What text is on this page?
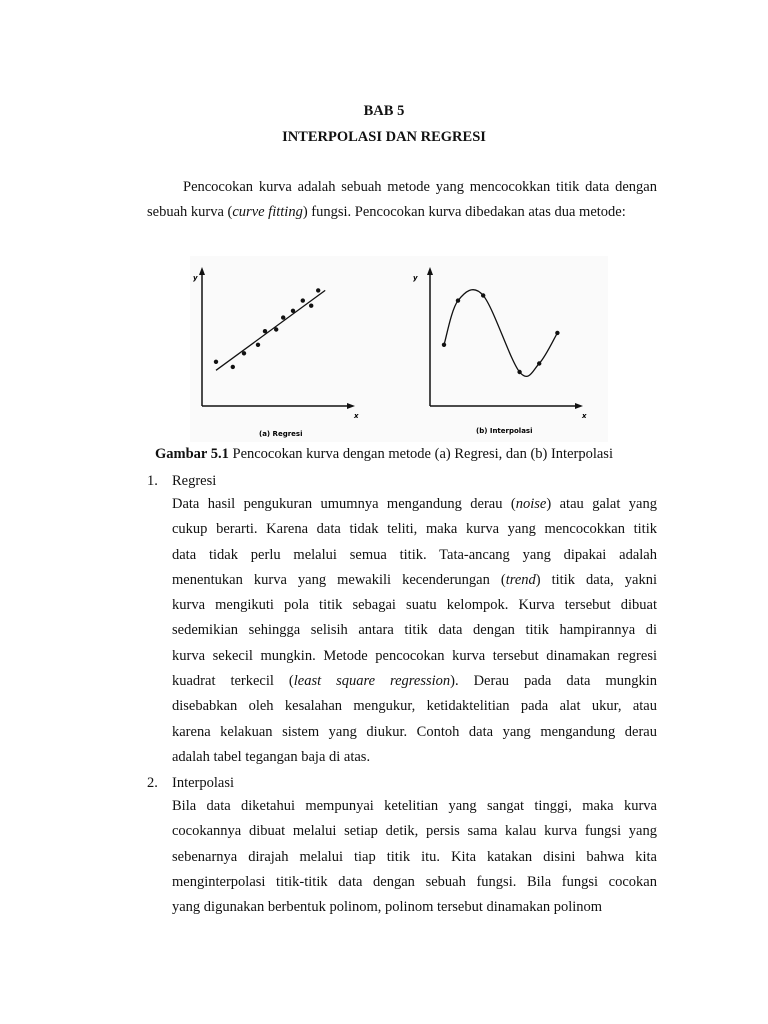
BAB 5
INTERPOLASI DAN REGRESI

Pencocokan kurva adalah sebuah metode yang mencocokkan titik data dengan sebuah kurva (curve fitting) fungsi. Pencocokan kurva dibedakan atas dua metode:

y
x
(a) Regresi
y
x
(b) Interpolasi
Gambar 5.1 Pencocokan kurva dengan metode (a) Regresi, dan (b) Interpolasi
1. Regresi
Data hasil pengukuran umumnya mengandung derau (noise) atau galat yang
cukup berarti. Karena data tidak teliti, maka kurva yang mencocokkan titik
data tidak perlu melalui semua titik. Tata-ancang yang dipakai adalah
menentukan kurva yang mewakili kecenderungan (trend) titik data, yakni
kurva mengikuti pola titik sebagai suatu kelompok. Kurva tersebut dibuat
sedemikian sehingga selisih antara titik data dengan titik hampirannya di
kurva sekecil mungkin. Metode pencocokan kurva tersebut dinamakan regresi
kuadrat terkecil (least square regression). Derau pada data mungkin
disebabkan oleh kesalahan mengukur, ketidaktelitian pada alat ukur, atau
karena kelakuan sistem yang diukur. Contoh data yang mengandung derau
adalah tabel tegangan baja di atas.
2. Interpolasi
Bila data diketahui mempunyai ketelitian yang sangat tinggi, maka kurva
cocokannya dibuat melalui setiap detik, persis sama kalau kurva fungsi yang
sebenarnya dirajah melalui tiap titik itu. Kita katakan disini bahwa kita
menginterpolasi titik-titik data dengan sebuah fungsi. Bila fungsi cocokan
yang digunakan berbentuk polinom, polinom tersebut dinamakan polinom
